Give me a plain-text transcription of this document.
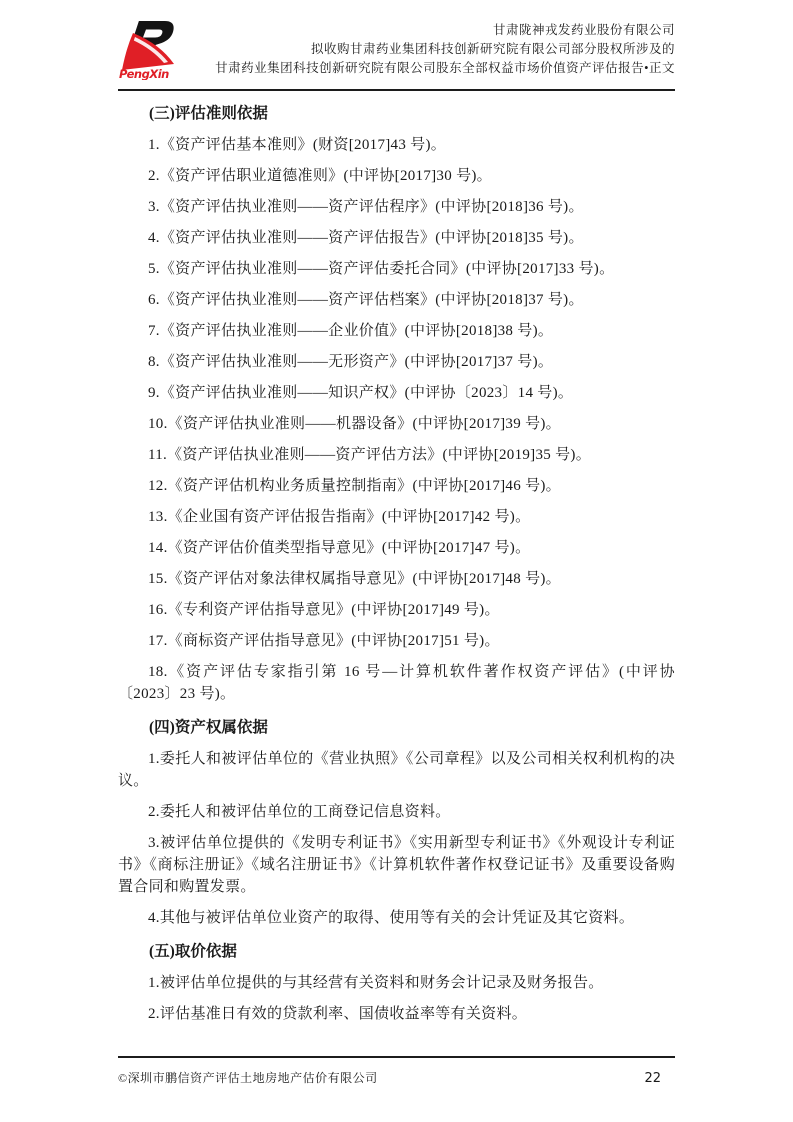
PengXin
甘肃陇神戎发药业股份有限公司
拟收购甘肃药业集团科技创新研究院有限公司部分股权所涉及的
甘肃药业集团科技创新研究院有限公司股东全部权益市场价值资产评估报告•正文
(三)评估准则依据

1.《资产评估基本准则》(财资[2017]43 号)。

2.《资产评估职业道德准则》(中评协[2017]30 号)。

3.《资产评估执业准则——资产评估程序》(中评协[2018]36 号)。

4.《资产评估执业准则——资产评估报告》(中评协[2018]35 号)。

5.《资产评估执业准则——资产评估委托合同》(中评协[2017]33 号)。

6.《资产评估执业准则——资产评估档案》(中评协[2018]37 号)。

7.《资产评估执业准则——企业价值》(中评协[2018]38 号)。

8.《资产评估执业准则——无形资产》(中评协[2017]37 号)。

9.《资产评估执业准则——知识产权》(中评协〔2023〕14 号)。

10.《资产评估执业准则——机器设备》(中评协[2017]39 号)。

11.《资产评估执业准则——资产评估方法》(中评协[2019]35 号)。

12.《资产评估机构业务质量控制指南》(中评协[2017]46 号)。

13.《企业国有资产评估报告指南》(中评协[2017]42 号)。

14.《资产评估价值类型指导意见》(中评协[2017]47 号)。

15.《资产评估对象法律权属指导意见》(中评协[2017]48 号)。

16.《专利资产评估指导意见》(中评协[2017]49 号)。

17.《商标资产评估指导意见》(中评协[2017]51 号)。

18.《资产评估专家指引第 16 号—计算机软件著作权资产评估》(中评协〔2023〕23 号)。

(四)资产权属依据

1.委托人和被评估单位的《营业执照》《公司章程》以及公司相关权利机构的决议。

2.委托人和被评估单位的工商登记信息资料。

3.被评估单位提供的《发明专利证书》《实用新型专利证书》《外观设计专利证书》《商标注册证》《域名注册证书》《计算机软件著作权登记证书》及重要设备购置合同和购置发票。

4.其他与被评估单位业资产的取得、使用等有关的会计凭证及其它资料。

(五)取价依据

1.被评估单位提供的与其经营有关资料和财务会计记录及财务报告。

2.评估基准日有效的贷款利率、国债收益率等有关资料。

©深圳市鹏信资产评估土地房地产估价有限公司	22
